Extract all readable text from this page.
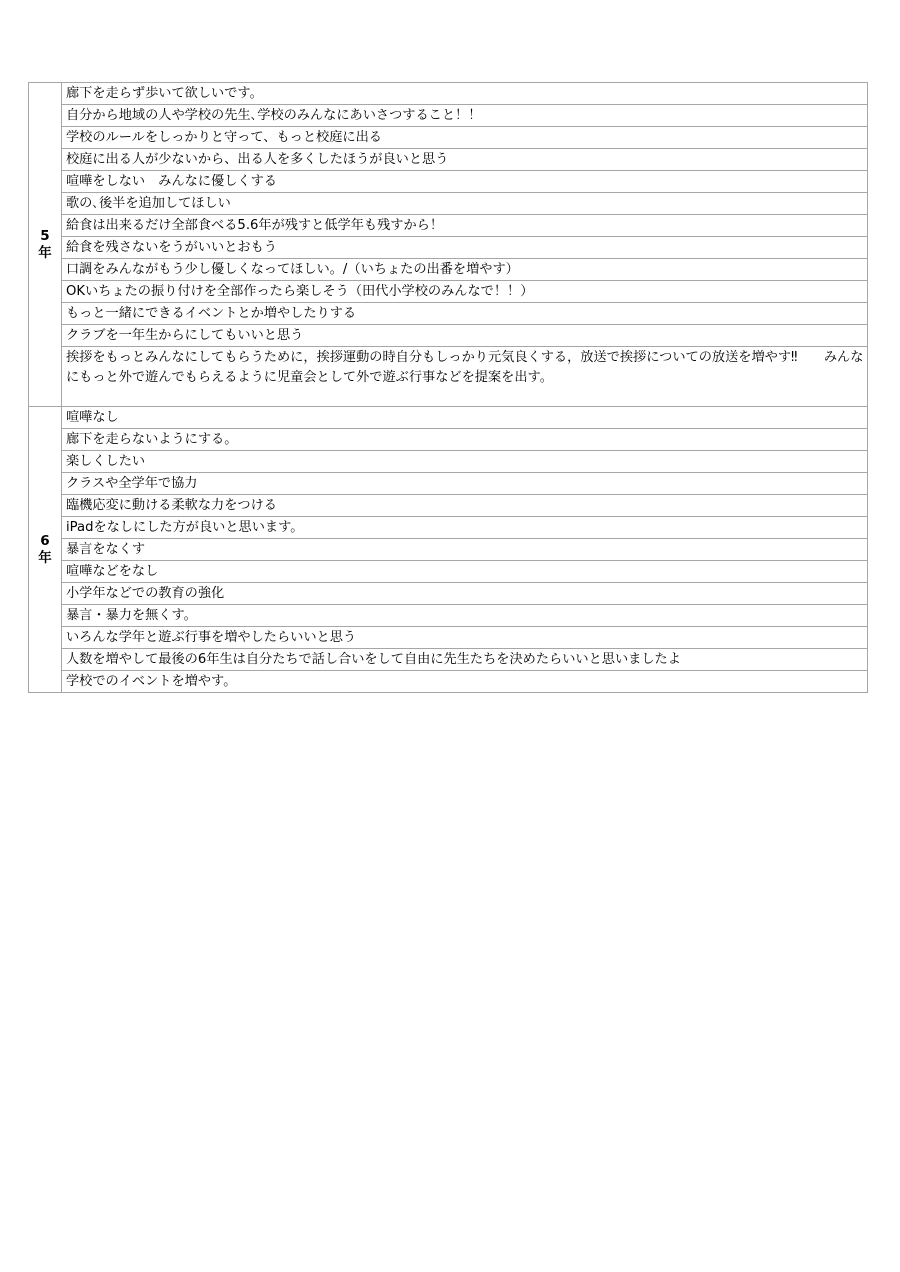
5
年	廊下を走らず歩いて欲しいです。
	自分から地域の人や学校の先生､学校のみんなにあいさつすること！！
	学校のルールをしっかりと守って、もっと校庭に出る
	校庭に出る人が少ないから、出る人を多くしたほうが良いと思う
	喧嘩をしない　みんなに優しくする
	歌の､後半を追加してほしい
	給食は出来るだけ全部食べる5.6年が残すと低学年も残すから！
	給食を残さないをうがいいとおもう
	口調をみんながもう少し優しくなってほしい。/（いちょたの出番を増やす）
	OKいちょたの振り付けを全部作ったら楽しそう（田代小学校のみんなで！！）
	もっと一緒にできるイベントとか増やしたりする
	クラブを一年生からにしてもいいと思う
	挨拶をもっとみんなにしてもらうために，挨拶運動の時自分もしっかり元気良くする，放送で挨拶についての放送を増やす‼　　みんなにもっと外で遊んでもらえるように児童会として外で遊ぶ行事などを提案を出す。

6
年	喧嘩なし
	廊下を走らないようにする。
	楽しくしたい
	クラスや全学年で協力
	臨機応変に動ける柔軟な力をつける
	iPadをなしにした方が良いと思います。
	暴言をなくす
	喧嘩などをなし
	小学年などでの教育の強化
	暴言・暴力を無くす。
	いろんな学年と遊ぶ行事を増やしたらいいと思う
	人数を増やして最後の6年生は自分たちで話し合いをして自由に先生たちを決めたらいいと思いましたよ
	学校でのイベントを増やす。
